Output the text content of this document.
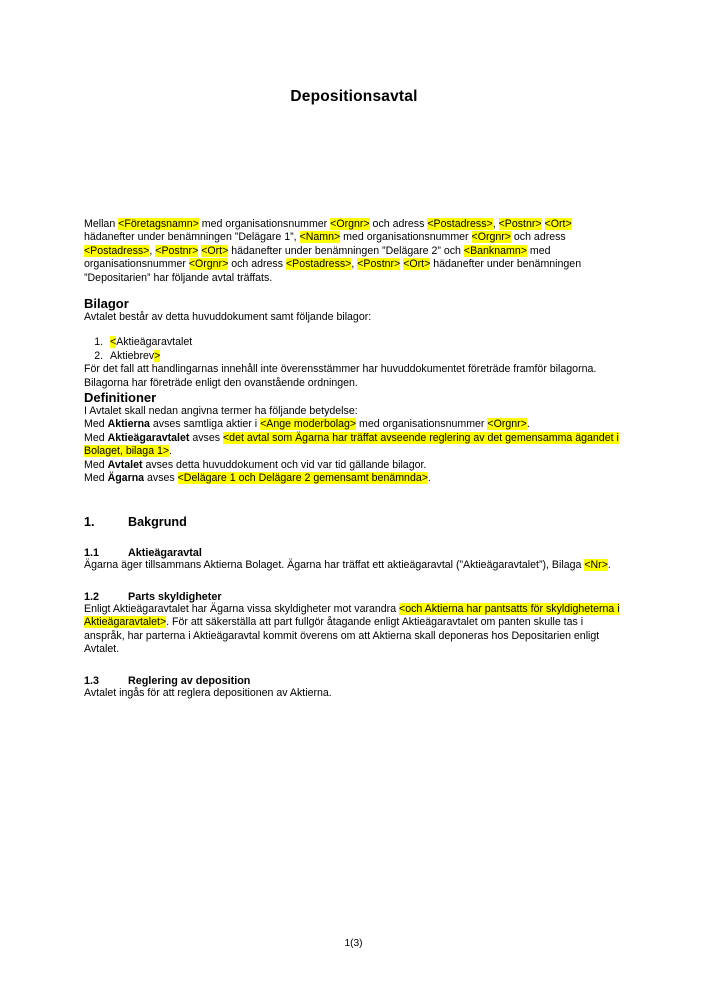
Depositionsavtal

Mellan <Företagsnamn> med organisationsnummer <Orgnr> och adress <Postadress>, <Postnr> <Ort> hädanefter under benämningen ”Delägare 1”, <Namn> med organisationsnummer <Orgnr> och adress <Postadress>, <Postnr> <Ort> hädanefter under benämningen ”Delägare 2” och <Banknamn> med organisationsnummer <Orgnr> och adress <Postadress>, <Postnr> <Ort> hädanefter under benämningen ”Depositarien” har följande avtal träffats.

Bilagor

Avtalet består av detta huvuddokument samt följande bilagor:

1. <Aktieägaravtalet
2. Aktiebrev>

För det fall att handlingarnas innehåll inte överensstämmer har huvuddokumentet företräde framför bilagorna. Bilagorna har företräde enligt den ovanstående ordningen.

Definitioner

I Avtalet skall nedan angivna termer ha följande betydelse:

Med Aktierna avses samtliga aktier i <Ange moderbolag> med organisationsnummer <Orgnr>.

Med Aktieägaravtalet avses <det avtal som Ägarna har träffat avseende reglering av det gemensamma ägandet i Bolaget, bilaga 1>.

Med Avtalet avses detta huvuddokument och vid var tid gällande bilagor.

Med Ägarna avses <Delägare 1 och Delägare 2 gemensamt benämnda>.

1.	Bakgrund
1.1	Aktieägaravtal

Ägarna äger tillsammans Aktierna Bolaget. Ägarna har träffat ett aktieägaravtal (”Aktieägaravtalet”), Bilaga <Nr>.

1.2	Parts skyldigheter

Enligt Aktieägaravtalet har Ägarna vissa skyldigheter mot varandra <och Aktierna har pantsatts för skyldigheterna i Aktieägaravtalet>. För att säkerställa att part fullgör åtagande enligt Aktieägaravtalet om panten skulle tas i anspråk, har parterna i Aktieägaravtal kommit överens om att Aktierna skall deponeras hos Depositarien enligt Avtalet.

1.3	Reglering av deposition

Avtalet ingås för att reglera depositionen av Aktierna.

1(3)
